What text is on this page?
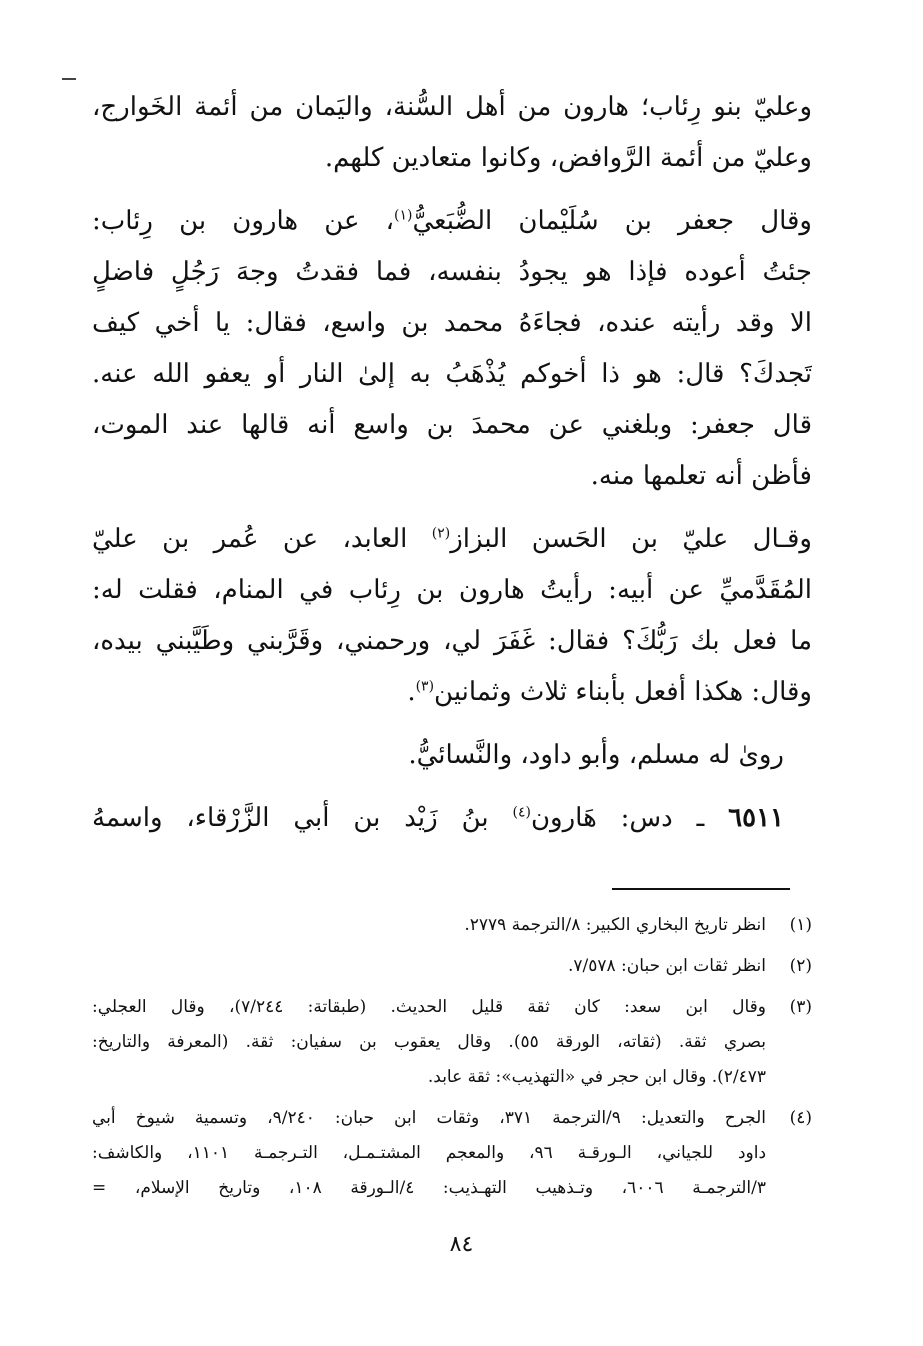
وعليّ بنو رِئاب؛ هارون من أهل السُّنة، واليَمان من أئمة الخَوارج،
وعليّ من أئمة الرَّوافض، وكانوا متعادين كلهم.
وقال جعفر بن سُلَيْمان الضُّبَعيُّ$^{(١)}$، عن هارون بن رِئاب:
جئتُ أعوده فإذا هو يجودُ بنفسه، فما فقدتُ وجهَ رَجُلٍ فاضلٍ
الا وقد رأيته عنده، فجاءَهُ محمد بن واسع، فقال: يا أخي كيف
تَجدكَ؟ قال: هو ذا أخوكم يُذْهَبُ به إلىٰ النار أو يعفو الله عنه.
قال جعفر: وبلغني عن محمدَ بن واسع أنه قالها عند الموت،
فأظن أنه تعلمها منه.
وقـال عليّ بن الحَسن البزاز$^{(٢)}$ العابد، عن عُمر بن عليّ
المُقَدَّميِّ عن أبيه: رأيتُ هارون بن رِئاب في المنام، فقلت له:
ما فعل بك رَبُّكَ؟ فقال: غَفَرَ لي، ورحمني، وقَرَّبني وطَيَّبني بيده،
وقال: هكذا أفعل بأبناء ثلاث وثمانين$^{(٣)}$.
روىٰ له مسلم، وأبو داود، والنَّسائيُّ.
٦٥١١ ـ دس: هَارون$^{(٤)}$ بنُ زَيْد بن أبي الزَّرْقاء، واسمهُ
(١)
انظر تاريخ البخاري الكبير: ٨/الترجمة ٢٧٧٩.
(٢)
انظر ثقات ابن حبان: ٧/٥٧٨.
(٣)
وقال ابن سعد: كان ثقة قليل الحديث. (طبقاتة: ٧/٢٤٤)، وقال العجلي:
بصري ثقة. (ثقاته، الورقة ٥٥). وقال يعقوب بن سفيان: ثقة. (المعرفة والتاريخ:
٢/٤٧٣). وقال ابن حجر في «التهذيب»: ثقة عابد.
(٤)
الجرح والتعديل: ٩/الترجمة ٣٧١، وثقات ابن حبان: ٩/٢٤٠، وتسمية شيوخ أبي
داود للجياني، الـورقـة ٩٦، والمعجم المشتـمـل، التـرجمـة ١١٠١، والكاشف:
٣/الترجمـة ٦٠٠٦، وتـذهيب التهـذيب: ٤/الـورقة ١٠٨، وتاريخ الإسلام، =
٨٤
